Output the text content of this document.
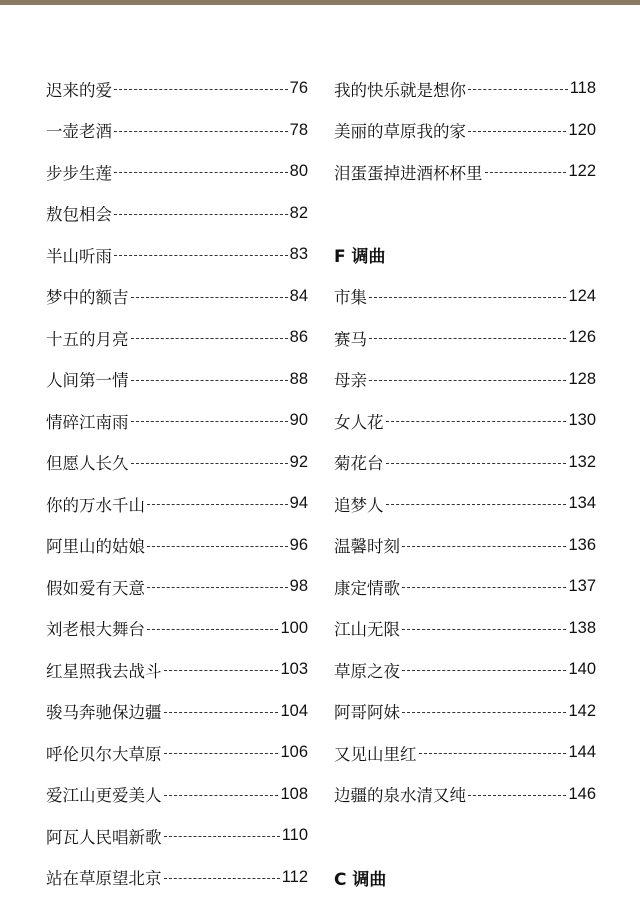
迟来的爱	76
一壶老酒	78
步步生莲	80
敖包相会	82
半山听雨	83
梦中的额吉	84
十五的月亮	86
人间第一情	88
情碎江南雨	90
但愿人长久	92
你的万水千山	94
阿里山的姑娘	96
假如爱有天意	98
刘老根大舞台	100
红星照我去战斗	103
骏马奔驰保边疆	104
呼伦贝尔大草原	106
爱江山更爱美人	108
阿瓦人民唱新歌	110
站在草原望北京	112
我的快乐就是想你	118
美丽的草原我的家	120
泪蛋蛋掉进酒杯杯里	122
F 调曲
市集	124
赛马	126
母亲	128
女人花	130
菊花台	132
追梦人	134
温馨时刻	136
康定情歌	137
江山无限	138
草原之夜	140
阿哥阿妹	142
又见山里红	144
边疆的泉水清又纯	146
C 调曲
